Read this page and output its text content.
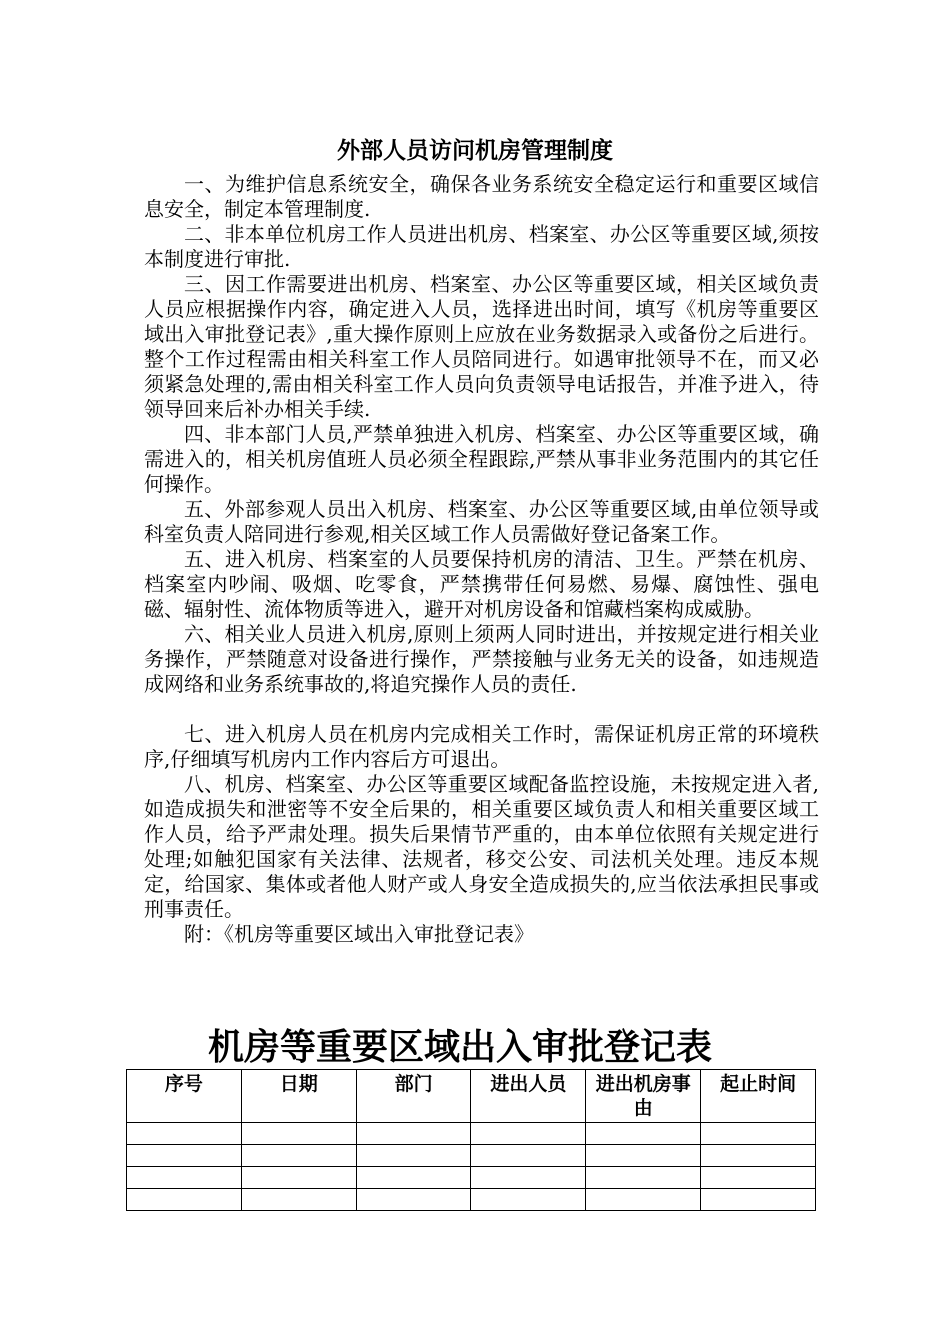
外部人员访问机房管理制度

一、为维护信息系统安全，确保各业务系统安全稳定运行和重要区域信息安全，制定本管理制度.

二、非本单位机房工作人员进出机房、档案室、办公区等重要区域,须按本制度进行审批.

三、因工作需要进出机房、档案室、办公区等重要区域，相关区域负责人员应根据操作内容，确定进入人员，选择进出时间，填写《机房等重要区域出入审批登记表》,重大操作原则上应放在业务数据录入或备份之后进行。整个工作过程需由相关科室工作人员陪同进行。如遇审批领导不在，而又必须紧急处理的,需由相关科室工作人员向负责领导电话报告，并准予进入，待领导回来后补办相关手续.

四、非本部门人员,严禁单独进入机房、档案室、办公区等重要区域，确需进入的，相关机房值班人员必须全程跟踪,严禁从事非业务范围内的其它任何操作。

五、外部参观人员出入机房、档案室、办公区等重要区域,由单位领导或科室负责人陪同进行参观,相关区域工作人员需做好登记备案工作。

五、进入机房、档案室的人员要保持机房的清洁、卫生。严禁在机房、档案室内吵闹、吸烟、吃零食，严禁携带任何易燃、易爆、腐蚀性、强电磁、辐射性、流体物质等进入，避开对机房设备和馆藏档案构成威胁。

六、相关业人员进入机房,原则上须两人同时进出，并按规定进行相关业务操作，严禁随意对设备进行操作，严禁接触与业务无关的设备，如违规造成网络和业务系统事故的,将追究操作人员的责任.

七、进入机房人员在机房内完成相关工作时，需保证机房正常的环境秩序,仔细填写机房内工作内容后方可退出。

八、机房、档案室、办公区等重要区域配备监控设施，未按规定进入者,如造成损失和泄密等不安全后果的，相关重要区域负责人和相关重要区域工作人员，给予严肃处理。损失后果情节严重的，由本单位依照有关规定进行处理;如触犯国家有关法律、法规者，移交公安、司法机关处理。违反本规定，给国家、集体或者他人财产或人身安全造成损失的,应当依法承担民事或刑事责任。

附：《机房等重要区域出入审批登记表》

机房等重要区域出入审批登记表
序号	日期	部门	进出人员	进出机房事由	起止时间
